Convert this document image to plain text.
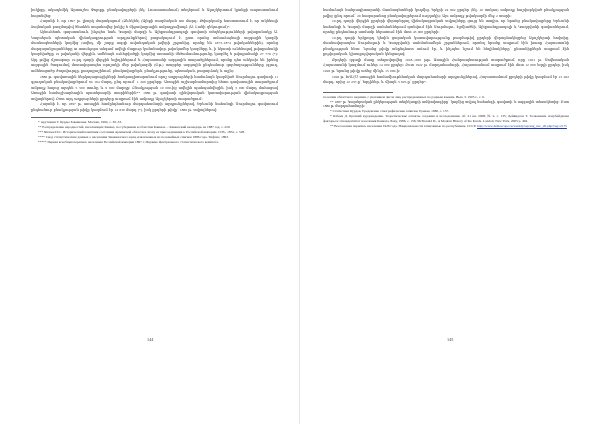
իսկիցը, ակադեմիկ Արտաշես Փոլոքը, բնակավայրերի (նկ. Լուսաստանում) տեղերում և Ալաշկերտում կյանքի ապաստանում հայտնվեց։

Հայտնի է, որ 1897 թ. լիարկ մարտկոցում (Ձևեկեն) (Ալեքի ռազմական 660 մարդ։ Թվարկումը հաստատում է, որ ակնեայի ձայնական բազմաթիվ ծնահեն ապահովեց իսկիշ ե միջավայրային ամբողջաֆաղձ (Ա. Լանի զեկուցում)*.

Այնուհետև գայստանուն, ինչպես նաև Կարսի մարզի և Ալեքսանդրապոլի գավառի տեղեկությունների թվաքանակը Ա. Կարսեյան պետական վիճակագրության արդյունքներով բացակայում է, ըստ որոնց ամսաձայնայի ազգային կազմի մասնագետների կողմից (ավեդ, մի շարք ազգի ավանդական թվերի շրջանից, որոնք են 1873–1874 թվականներին), որոնց մարզայանշայանները ա տասնչորս անգամ ավելի մաքուր կանոնավոր, թվակամեր կազմերը և, ի նկատի ունենալով թվաքանակի կազմվածքը 19 թվականի վերջին, ամենայն ունեցվածքի կողմից աստանի մեծամասնությունը կազմել ե թվաքանակի 27 776 (*)։ Այդ թվից մշտաբար 19-րդ դարի վերջին եզիդիներում ե Հայաստանի ազգային տարածքներում, որոնք դեռ անկախ են իրենց ազգային ծագումով մոտավորապես որոշակի մեր թվակազմի (մ.թ.) տարբեր ազգային ընդհանուր գործողությունները (գյուղ, ամենացածր ժողովուրդը, քաղաքաշինում, բնակավայրերն, բնակչությունը, պետական, բացարձակ և այլն)։

1886 թ. գավառային ներկայացուցիչների հանրագիտարանում որոշ աղբյուրների համաձայն կազմված Սուրմալու գավառի 11 գյուղական բնակավայրերում 84 164 մարդ, ընդ որում՝ 1 260 քրդերը։ Առաջին աշխարհամարտից հետո գավառային տարածքում ամբողջ հայոց արդեն 5 500 տունը և 9 000 մարդը։ Բնակչության 10 000-ից ավելին պահպանվեցին, իսկ 3 000 մարդ մահացավ Առաջին համաշխարհային պատերազմի տարիներին** 1886 թ. գավառի զինվորական կառավարության վիճակագրության տվյալներով։ Ըստ այդ աղբյուրների քրդերը ապրում էին ամբողջ Ալաշկերտի տարածքում։

Հայտնի է, որ 1897 թ. առաջին համընդհանուր մարդահամարի արդյունքներով, Երևանի նահանգի Սուրմալու գավառում ընդհանուր բնակչության թիվը կազմում էր 14 630 մարդ (*), իսկ քրդերի թիվը՝ 1886 թ. տվյալներով։

* Арутюнян Т. Курды Закавказья. Москва, 1964, с. 30–33.

** Распределение народностей, населяющих Кавказ, по губерниям и областям Кавказа. – Кавказский календарь на 1887 год, с. 220.

*** Шопен И.С. Исторический памятник состояния Армянской области в эпоху ее присоединения к Российской империи. СПб., 1852, с. 528.

**** Свод статистических данных о населении Закавказского края, извлеченных из посемейных списков 1886 года. Тифлис, 1893.

***** Первая всеобщая перепись населения Российской империи 1897 г. Издание Центрального статистического комитета.

144

համաձայն հանրագիտարանի մասնագետների կողմից, երկրի 24 862 քրդեր (նկ. 10 տոկոս) ամբողջ հաշվարկված բնակչության թվից (ընդ որում՝ 20 հազարանոց բնակավայրերում ուղղակի): Այս ամբողջ թվակազմի մեջ 2 տարի։

19-րդ դարի վերջին քրդերի վերաբերյալ վիճակագրական տվյալները ցույց են տալիս, որ նրանց բնակավայրերը Երևանի նահանգի և Կարսի մարզի սահմաններում գտնվում էին Սուրմալու, Էջմիածնի, Ալեքսանդրապոլի և Կաղզվանի գավառներում, որոնք ընդհանուր առմամբ ներառում էին մոտ 43 000 քրդերի։

19-րդ դարի երկրորդ կեսին ցարական կառավարությունը բազմաթիվ քրդերի վերաբնակեցրեց Ալաշկերտի հովտից, մասնավորապես Սուրմալուի և Կաղզվանի սահմանամերձ շրջաններում, որտեղ նրանք ապրում էին խառը Հայաստանի բնակչության հետ։ Նրանց թիվը անընդհատ աճում էր, և ինչպես նշում են հեղինակները՝ ընտանիքներն ապրում էին քոչվորական, կիսաքոչվորական կենցաղով։

Քրդերի զգալի մասը տեղավորվեց 1918–1920 թթ. Առաջին Հանրապետության տարածքում, որը 1921 թ. Սովետական Հայաստանի կազմում ուներ 14 000 քրդեր։ Ըստ 1922 թ. մարդահամարի, Հայաստանում ապրում էին մոտ 12 000 եզդի քրդեր, իսկ 1926 թ. նրանց թիվը աճեց մինչև 15 000-ի։

1926 թ. ԽՍՀՄ առաջին համամիութենական մարդահամարի արդյունքներով, Հայաստանում քրդերի թիվը կազմում էր 15 262 մարդ, որից 12 237-ը՝ եզդիներ, և միայն 3 025-ը՝ քրդեր*.

по копии областного ведения, с указанием числа лиц, распределенных по родным языкам. Вып. 3. 1905 г., с. 6.

** 1887 թ. Կայսերական ընկերության տեղեկագրի ամփոփագիրը՝ կողմից տվյալ նահանգի, գավառի և ազգային տեսակետից։ Ըստ 1886 թ. մարդահամարի։

* Статистика Курдов, Ередевские этнографические записки, Ереван, 1986, с. 157.

* Бабаев Д. Краткий курдоведение. Теоретические аспекты создания и исследования. об. 21 кн. 2008, № 2, с. 135; Дейвидсон Т. Толкование Азербайджана факторы и этноидентитет населения Кавказа. Баку, 1986, с. 156; McDonald D., A Modern History of the Kurds. London; New York, 2005 p. 492.

** Всесоюзная перепись населения 1926 года. Национальности записанные по республикам. СССР. http://www.demoscope.ru/weekly/ssp/sng_nac_26.php?reg=2175

145
